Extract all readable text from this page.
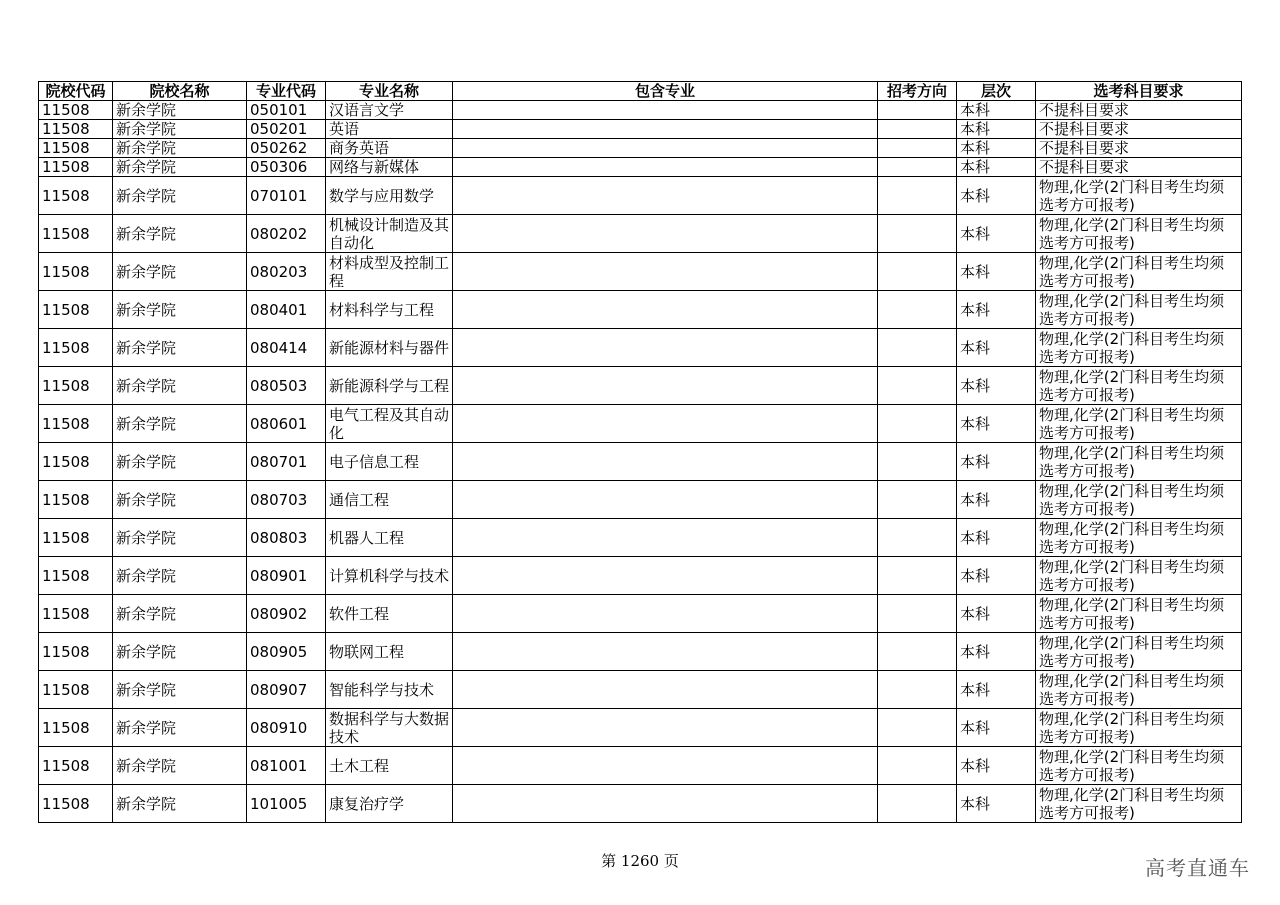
院校代码	院校名称	专业代码	专业名称	包含专业	招考方向	层次	选考科目要求
11508	新余学院	050101	汉语言文学			本科	不提科目要求
11508	新余学院	050201	英语			本科	不提科目要求
11508	新余学院	050262	商务英语			本科	不提科目要求
11508	新余学院	050306	网络与新媒体			本科	不提科目要求
11508	新余学院	070101	数学与应用数学			本科	物理,化学(2门科目考生均须选考方可报考)
11508	新余学院	080202	机械设计制造及其自动化			本科	物理,化学(2门科目考生均须选考方可报考)
11508	新余学院	080203	材料成型及控制工程			本科	物理,化学(2门科目考生均须选考方可报考)
11508	新余学院	080401	材料科学与工程			本科	物理,化学(2门科目考生均须选考方可报考)
11508	新余学院	080414	新能源材料与器件			本科	物理,化学(2门科目考生均须选考方可报考)
11508	新余学院	080503	新能源科学与工程			本科	物理,化学(2门科目考生均须选考方可报考)
11508	新余学院	080601	电气工程及其自动化			本科	物理,化学(2门科目考生均须选考方可报考)
11508	新余学院	080701	电子信息工程			本科	物理,化学(2门科目考生均须选考方可报考)
11508	新余学院	080703	通信工程			本科	物理,化学(2门科目考生均须选考方可报考)
11508	新余学院	080803	机器人工程			本科	物理,化学(2门科目考生均须选考方可报考)
11508	新余学院	080901	计算机科学与技术			本科	物理,化学(2门科目考生均须选考方可报考)
11508	新余学院	080902	软件工程			本科	物理,化学(2门科目考生均须选考方可报考)
11508	新余学院	080905	物联网工程			本科	物理,化学(2门科目考生均须选考方可报考)
11508	新余学院	080907	智能科学与技术			本科	物理,化学(2门科目考生均须选考方可报考)
11508	新余学院	080910	数据科学与大数据技术			本科	物理,化学(2门科目考生均须选考方可报考)
11508	新余学院	081001	土木工程			本科	物理,化学(2门科目考生均须选考方可报考)
11508	新余学院	101005	康复治疗学			本科	物理,化学(2门科目考生均须选考方可报考)
第 1260 页	高考直通车
